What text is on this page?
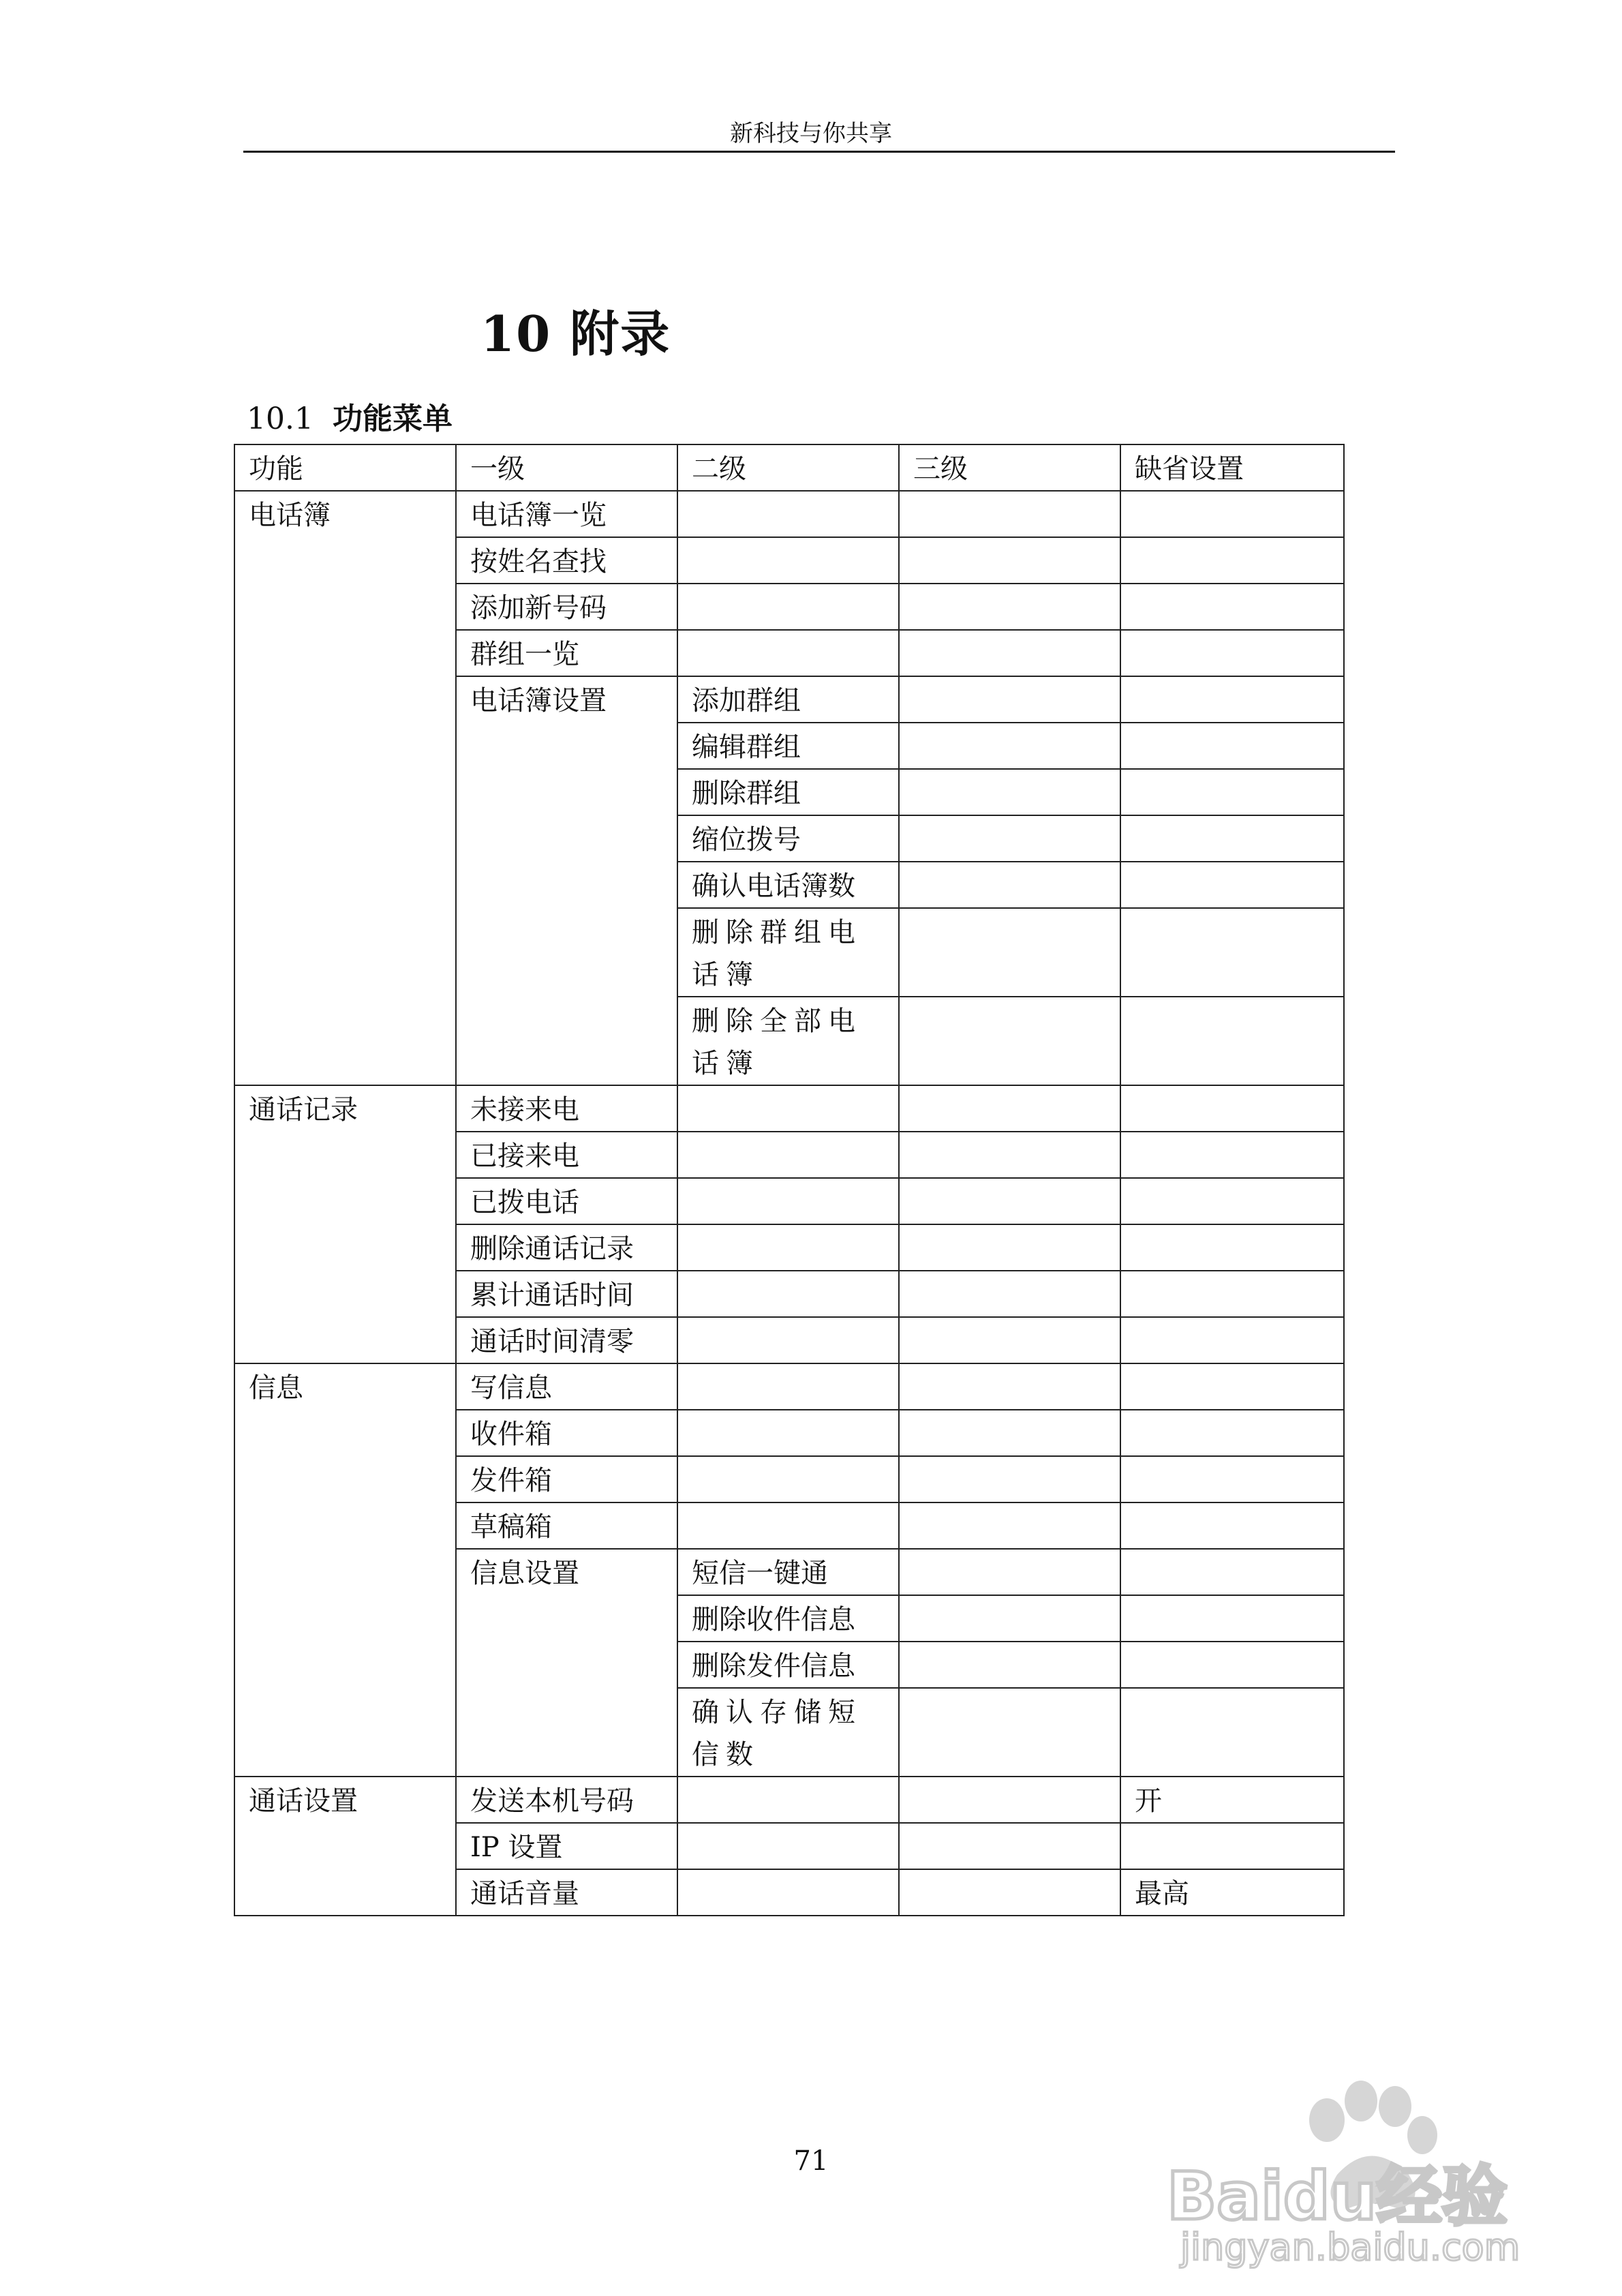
新科技与你共享
10 附录
10.1 功能菜单
功能	一级	二级	三级	缺省设置
电话簿	电话簿一览			
	按姓名查找			
	添加新号码			
	群组一览			
	电话簿设置	添加群组		
		编辑群组		
		删除群组		
		缩位拨号		
		确认电话簿数		
		删除群组电话簿		
		删除全部电话簿		
通话记录	未接来电			
	已接来电			
	已拨电话			
	删除通话记录			
	累计通话时间			
	通话时间清零			
信息	写信息			
	收件箱			
	发件箱			
	草稿箱			
	信息设置	短信一键通		
		删除收件信息		
		删除发件信息		
		确认存储短信数		
通话设置	发送本机号码			开
	IP 设置			
	通话音量			最高
71	Baidu经验
jingyan.baidu.com
